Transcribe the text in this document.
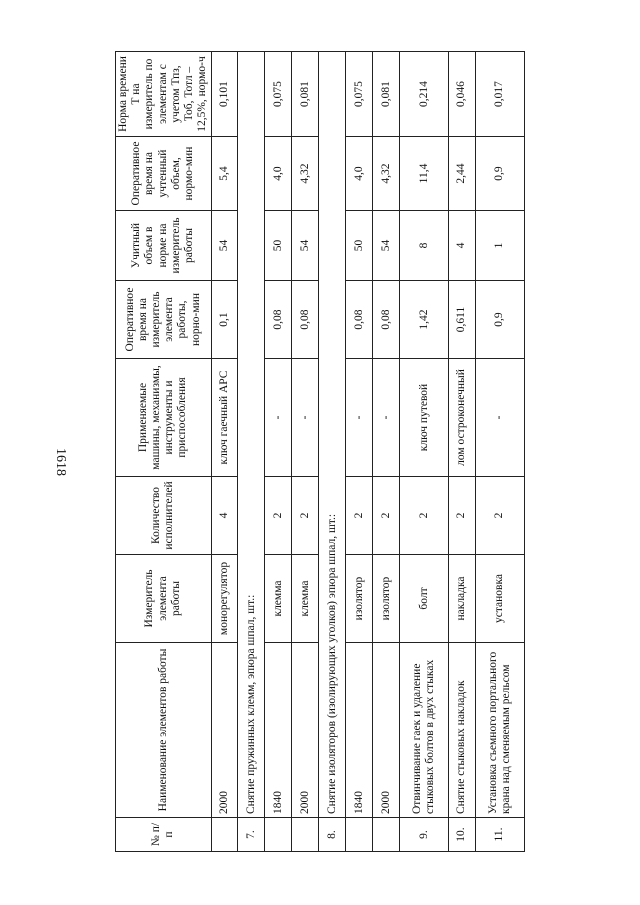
1618
№ п/п	Наименование элементов работы	Измеритель элемента работы	Количество исполнителей	Применяемые машины, механизмы, инструменты и приспособления	Оперативное время на измеритель элемента работы, норно-мин	Учитный объем в норме на измеритель работы	Оперативное время на учтенный объем, нормо-мин	Норма времени Т на измеритель по элементам с учетом Тпз, Тоб, Тотл – 12,5%, нормо-ч
	2000	монорегулятор	4	ключ гаечный АРС	0,1	54	5,4	0,101
7.	Снятие пружинных клемм, эпюра шпал, шт.:							
	1840	клемма	2	-	0,08	50	4,0	0,075
	2000	клемма	2	-	0,08	54	4,32	0,081
8.	Снятие изоляторов (изолирующих уголков) эпюра шпал, шт.:							
	1840	изолятор	2	-	0,08	50	4,0	0,075
	2000	изолятор	2	-	0,08	54	4,32	0,081
9.	Отвинчивание гаек и удаление стыковых болтов в двух стыках	болт	2	ключ путевой	1,42	8	11,4	0,214
10.	Снятие стыковых накладок	накладка	2	лом остроконечный	0,611	4	2,44	0,046
11.	Установка съемного портального крана над сменяемым рельсом	установка	2	-	0,9	1	0,9	0,017
